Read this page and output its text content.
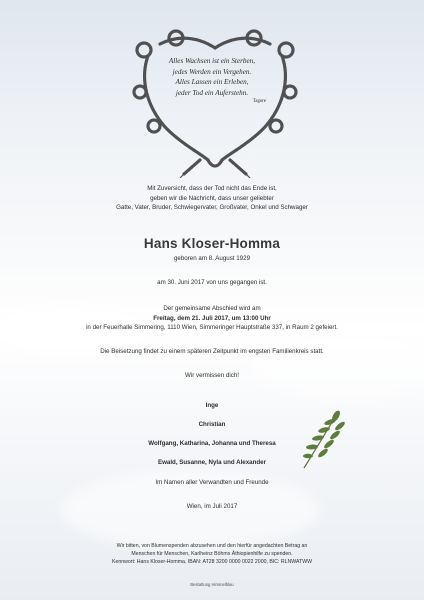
Alles Wachsen ist ein Sterben,
jedes Werden ein Vergehen.
Alles Lassen ein Erleben,
jeder Tod ein Auferstehn.
Tagore
Mit Zuversicht, dass der Tod nicht das Ende ist,
geben wir die Nachricht, dass unser geliebter
Gatte, Vater, Bruder, Schwiegervater, Großvater, Onkel und Schwager
Hans Kloser-Homma
geboren am 8. August 1929
am 30. Juni 2017 von uns gegangen ist.
Der gemeinsame Abschied wird am
Freitag, dem 21. Juli 2017, um 13:00 Uhr
in der Feuerhalle Simmering, 1110 Wien, Simmeringer Hauptstraße 337, in Raum 2 gefeiert.
Die Beisetzung findet zu einem späteren Zeitpunkt im engsten Familienkreis statt.
Wir vermissen dich!
Inge
Christian
Wolfgang, Katharina, Johanna und Theresa
Ewald, Susanne, Nyla und Alexander
Im Namen aller Verwandten und Freunde
Wien, im Juli 2017
Wir bitten, von Blumenspenden abzusehen und den hierfür angedachten Betrag an
Menschen für Menschen, Karlheinz Böhms Äthiopienhilfe zu spenden.
Kennwort: Hans Kloser-Homma, IBAN: AT28 3200 0000 0022 2000, BIC: RLNWATWW
Bestattung Himmelblau
